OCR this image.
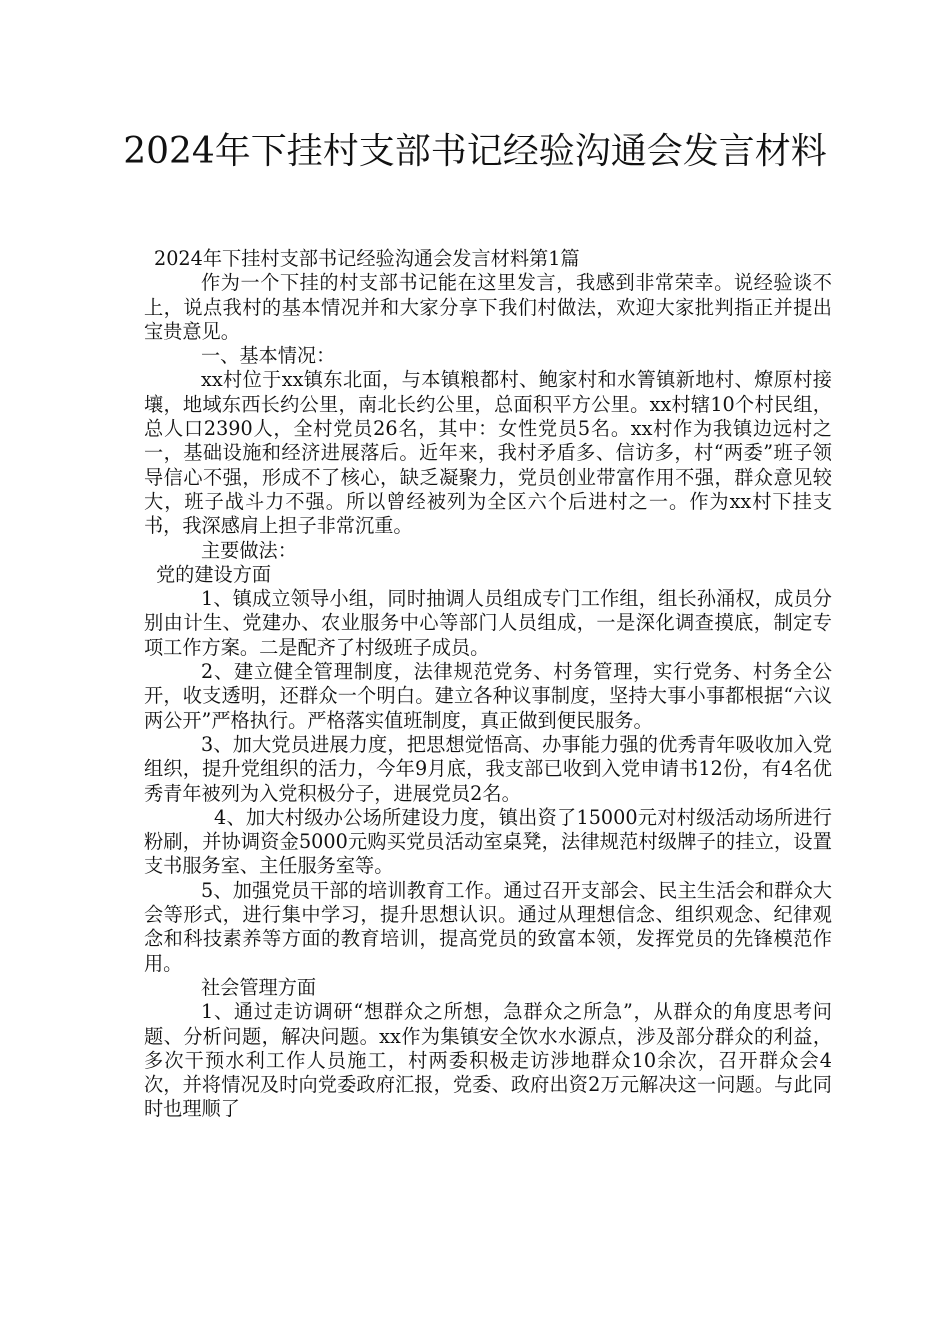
2024年下挂村支部书记经验沟通会发言材料

2024年下挂村支部书记经验沟通会发言材料第1篇

作为一个下挂的村支部书记能在这里发言，我感到非常荣幸。说经验谈不上，说点我村的基本情况并和大家分享下我们村做法，欢迎大家批判指正并提出宝贵意见。

一、基本情况：

xx村位于xx镇东北面，与本镇粮都村、鲍家村和水箐镇新地村、燎原村接壤，地域东西长约公里，南北长约公里，总面积平方公里。xx村辖10个村民组，总人口2390人，全村党员26名，其中：女性党员5名。xx村作为我镇边远村之一，基础设施和经济进展落后。近年来，我村矛盾多、信访多，村“两委”班子领导信心不强，形成不了核心，缺乏凝聚力，党员创业带富作用不强，群众意见较大，班子战斗力不强。所以曾经被列为全区六个后进村之一。作为xx村下挂支书，我深感肩上担子非常沉重。

主要做法：

党的建设方面

1、镇成立领导小组，同时抽调人员组成专门工作组，组长孙涌权，成员分别由计生、党建办、农业服务中心等部门人员组成，一是深化调查摸底，制定专项工作方案。二是配齐了村级班子成员。

2、建立健全管理制度，法律规范党务、村务管理，实行党务、村务全公开，收支透明，还群众一个明白。建立各种议事制度，坚持大事小事都根据“六议两公开”严格执行。严格落实值班制度，真正做到便民服务。

3、加大党员进展力度，把思想觉悟高、办事能力强的优秀青年吸收加入党组织，提升党组织的活力，今年9月底，我支部已收到入党申请书12份，有4名优秀青年被列为入党积极分子，进展党员2名。

4、加大村级办公场所建设力度，镇出资了15000元对村级活动场所进行粉刷，并协调资金5000元购买党员活动室桌凳，法律规范村级牌子的挂立，设置支书服务室、主任服务室等。

5、加强党员干部的培训教育工作。通过召开支部会、民主生活会和群众大会等形式，进行集中学习，提升思想认识。通过从理想信念、组织观念、纪律观念和科技素养等方面的教育培训，提高党员的致富本领，发挥党员的先锋模范作用。

社会管理方面

1、通过走访调研“想群众之所想，急群众之所急”，从群众的角度思考问题、分析问题，解决问题。xx作为集镇安全饮水水源点，涉及部分群众的利益，多次干预水利工作人员施工，村两委积极走访涉地群众10余次，召开群众会4次，并将情况及时向党委政府汇报，党委、政府出资2万元解决这一问题。与此同时也理顺了
